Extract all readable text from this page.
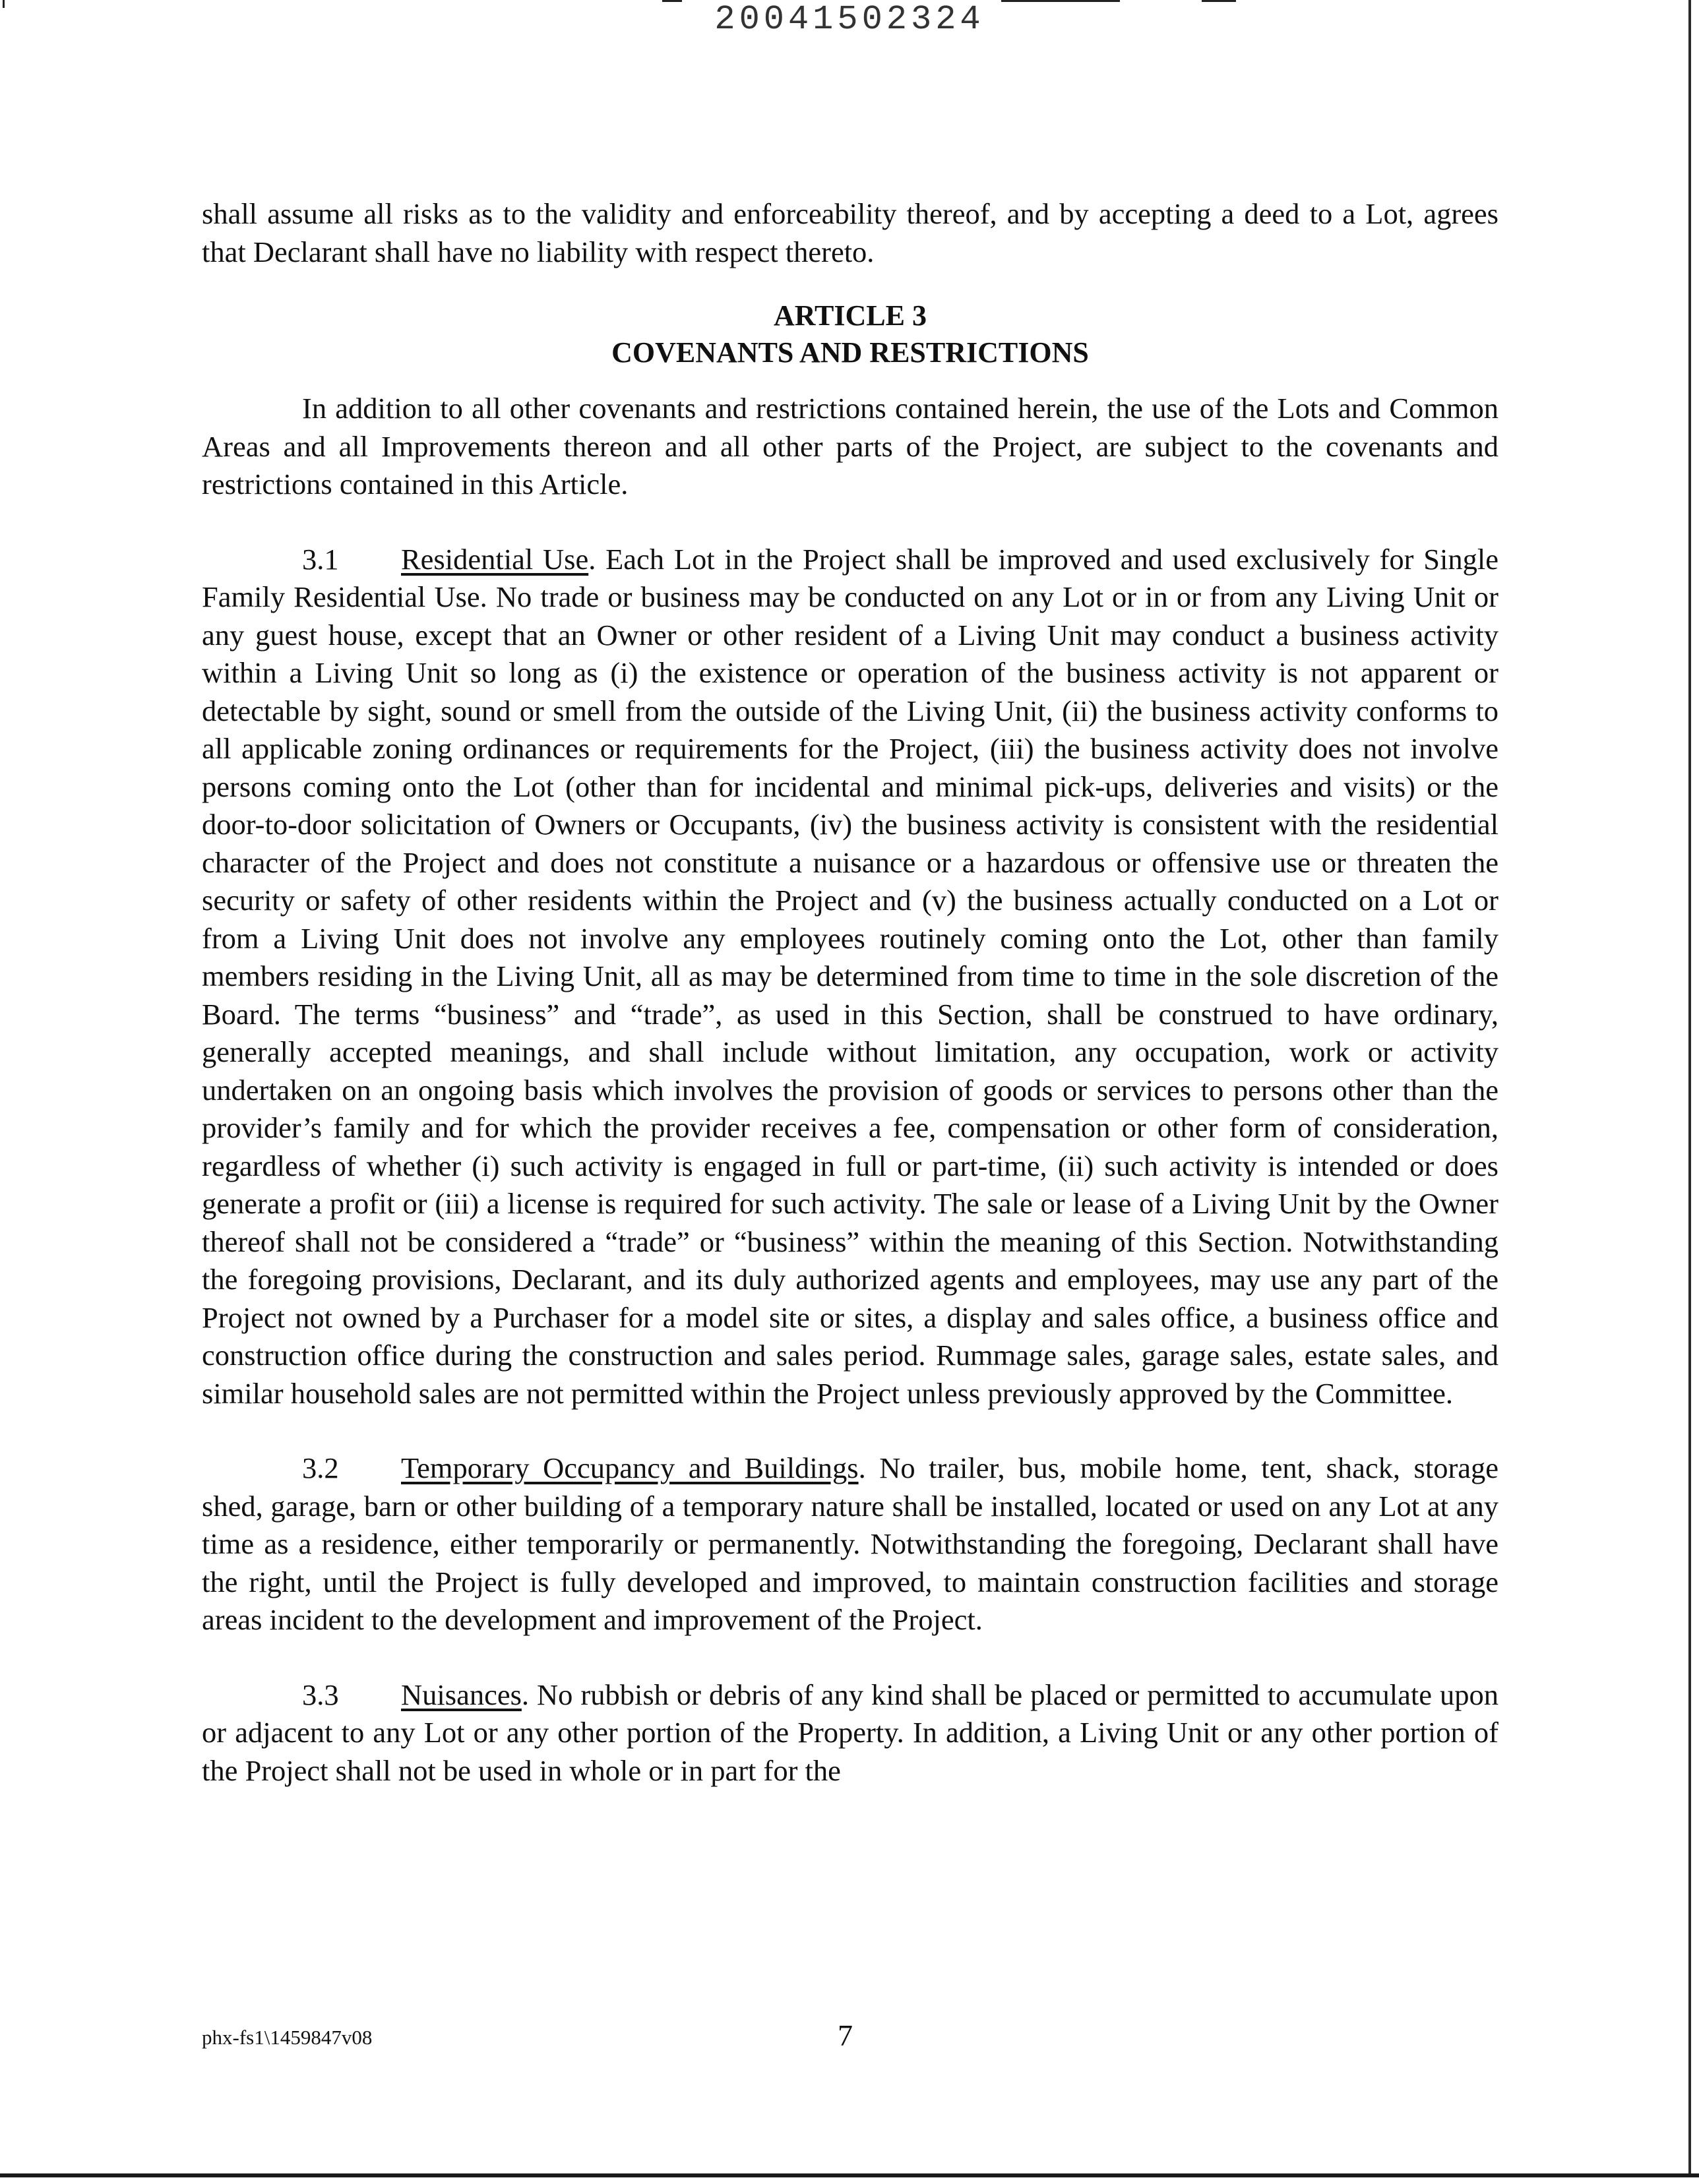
20041502324

shall assume all risks as to the validity and enforceability thereof, and by accepting a deed to a Lot, agrees that Declarant shall have no liability with respect thereto.

ARTICLE 3

COVENANTS AND RESTRICTIONS

In addition to all other covenants and restrictions contained herein, the use of the Lots and Common Areas and all Improvements thereon and all other parts of the Project, are subject to the covenants and restrictions contained in this Article.

3.1 Residential Use. Each Lot in the Project shall be improved and used exclusively for Single Family Residential Use. No trade or business may be conducted on any Lot or in or from any Living Unit or any guest house, except that an Owner or other resident of a Living Unit may conduct a business activity within a Living Unit so long as (i) the existence or operation of the business activity is not apparent or detectable by sight, sound or smell from the outside of the Living Unit, (ii) the business activity conforms to all applicable zoning ordinances or requirements for the Project, (iii) the business activity does not involve persons coming onto the Lot (other than for incidental and minimal pick-ups, deliveries and visits) or the door-to-door solicitation of Owners or Occupants, (iv) the business activity is consistent with the residential character of the Project and does not constitute a nuisance or a hazardous or offensive use or threaten the security or safety of other residents within the Project and (v) the business actually conducted on a Lot or from a Living Unit does not involve any employees routinely coming onto the Lot, other than family members residing in the Living Unit, all as may be determined from time to time in the sole discretion of the Board. The terms “business” and “trade”, as used in this Section, shall be construed to have ordinary, generally accepted meanings, and shall include without limitation, any occupation, work or activity undertaken on an ongoing basis which involves the provision of goods or services to persons other than the provider’s family and for which the provider receives a fee, compensation or other form of consideration, regardless of whether (i) such activity is engaged in full or part-time, (ii) such activity is intended or does generate a profit or (iii) a license is required for such activity. The sale or lease of a Living Unit by the Owner thereof shall not be considered a “trade” or “business” within the meaning of this Section. Notwithstanding the foregoing provisions, Declarant, and its duly authorized agents and employees, may use any part of the Project not owned by a Purchaser for a model site or sites, a display and sales office, a business office and construction office during the construction and sales period. Rummage sales, garage sales, estate sales, and similar household sales are not permitted within the Project unless previously approved by the Committee.

3.2 Temporary Occupancy and Buildings. No trailer, bus, mobile home, tent, shack, storage shed, garage, barn or other building of a temporary nature shall be installed, located or used on any Lot at any time as a residence, either temporarily or permanently. Notwithstanding the foregoing, Declarant shall have the right, until the Project is fully developed and improved, to maintain construction facilities and storage areas incident to the development and improvement of the Project.

3.3 Nuisances. No rubbish or debris of any kind shall be placed or permitted to accumulate upon or adjacent to any Lot or any other portion of the Property. In addition, a Living Unit or any other portion of the Project shall not be used in whole or in part for the

phx-fs1\1459847v08	7
